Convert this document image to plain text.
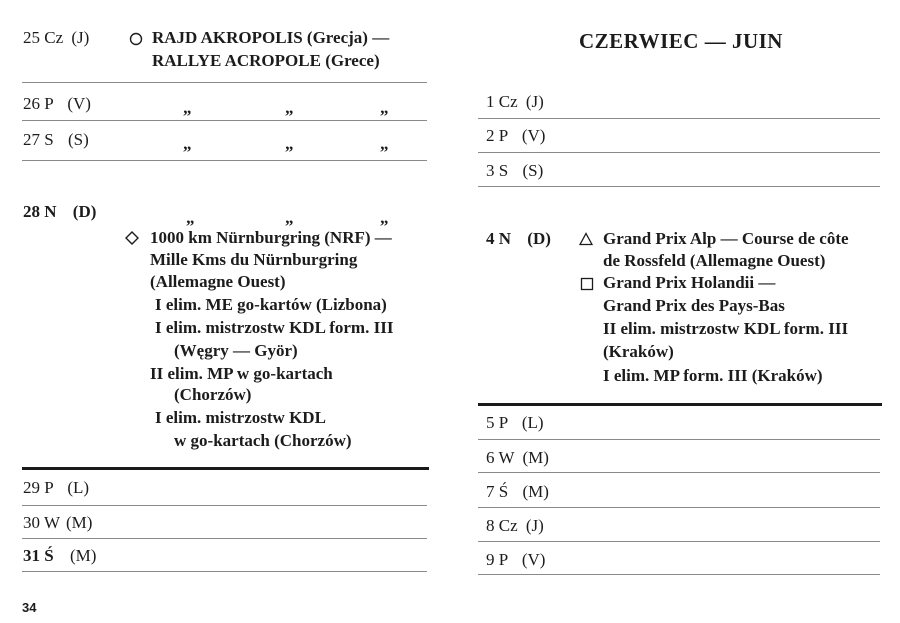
25 Cz (J)	RAJD AKROPOLIS (Grecja) —
RALLYE ACROPOLE (Grece)
26 P (V)	„	„	„
27 S (S)	„	„	„
28 N (D)	„	„	„
1000 km Nürnburgring (NRF) —
Mille Kms du Nürnburgring
(Allemagne Ouest)
I elim. ME go-kartów (Lizbona)
I elim. mistrzostw KDL form. III
(Węgry — Györ)
II elim. MP w go-kartach
(Chorzów)
I elim. mistrzostw KDL
w go-kartach (Chorzów)
29 P (L)
30 W (M)
31 Ś (M)
34
CZERWIEC — JUIN
1 Cz (J)
2 P (V)
3 S (S)
4 N (D)	Grand Prix Alp — Course de côte
de Rossfeld (Allemagne Ouest)
Grand Prix Holandii —
Grand Prix des Pays-Bas
II elim. mistrzostw KDL form. III
(Kraków)
I elim. MP form. III (Kraków)
5 P (L)
6 W (M)
7 Ś (M)
8 Cz (J)
9 P (V)
